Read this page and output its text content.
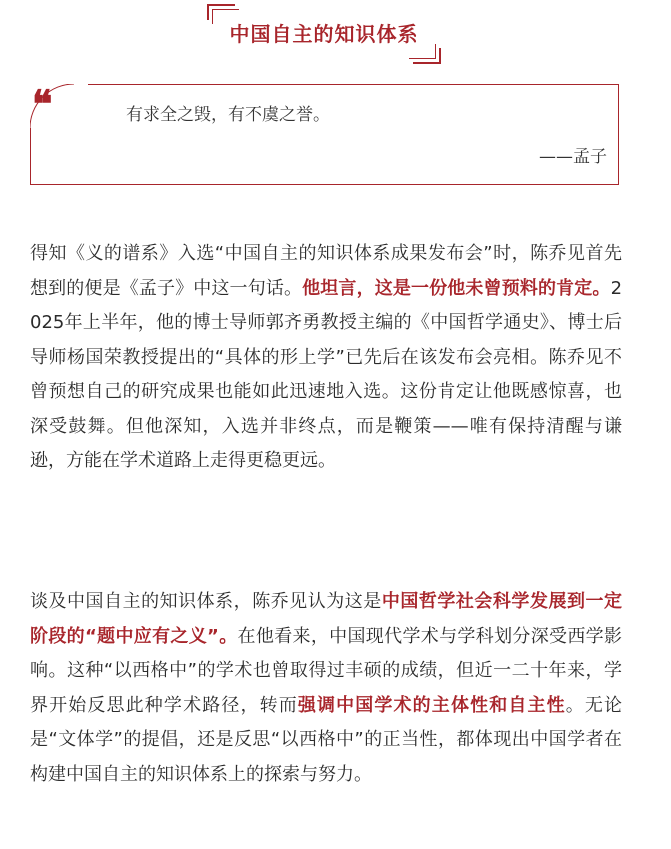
中国自主的知识体系
❝	有求全之毁，有不虞之誉。
——孟子
得知《义的谱系》入选“中国自主的知识体系成果发布会”时，陈乔见首先想到的便是《孟子》中这一句话。他坦言，这是一份他未曾预料的肯定。2025年上半年，他的博士导师郭齐勇教授主编的《中国哲学通史》、博士后导师杨国荣教授提出的“具体的形上学”已先后在该发布会亮相。陈乔见不曾预想自己的研究成果也能如此迅速地入选。这份肯定让他既感惊喜，也深受鼓舞。但他深知，入选并非终点，而是鞭策——唯有保持清醒与谦逊，方能在学术道路上走得更稳更远。
谈及中国自主的知识体系，陈乔见认为这是中国哲学社会科学发展到一定阶段的“题中应有之义”。在他看来，中国现代学术与学科划分深受西学影响。这种“以西格中”的学术也曾取得过丰硕的成绩，但近一二十年来，学界开始反思此种学术路径，转而强调中国学术的主体性和自主性。无论是“文体学”的提倡，还是反思“以西格中”的正当性，都体现出中国学者在构建中国自主的知识体系上的探索与努力。
